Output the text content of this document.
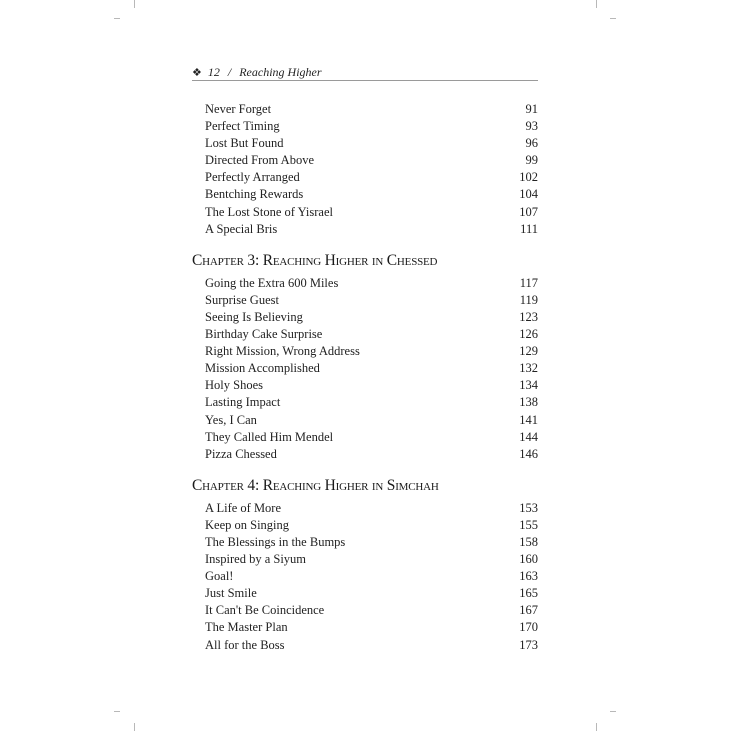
❖ 12 / Reaching Higher
Never Forget	91
Perfect Timing	93
Lost But Found	96
Directed From Above	99
Perfectly Arranged	102
Bentching Rewards	104
The Lost Stone of Yisrael	107
A Special Bris	111
Chapter 3: Reaching Higher in Chessed
Going the Extra 600 Miles	117
Surprise Guest	119
Seeing Is Believing	123
Birthday Cake Surprise	126
Right Mission, Wrong Address	129
Mission Accomplished	132
Holy Shoes	134
Lasting Impact	138
Yes, I Can	141
They Called Him Mendel	144
Pizza Chessed	146
Chapter 4: Reaching Higher in Simchah
A Life of More	153
Keep on Singing	155
The Blessings in the Bumps	158
Inspired by a Siyum	160
Goal!	163
Just Smile	165
It Can't Be Coincidence	167
The Master Plan	170
All for the Boss	173
